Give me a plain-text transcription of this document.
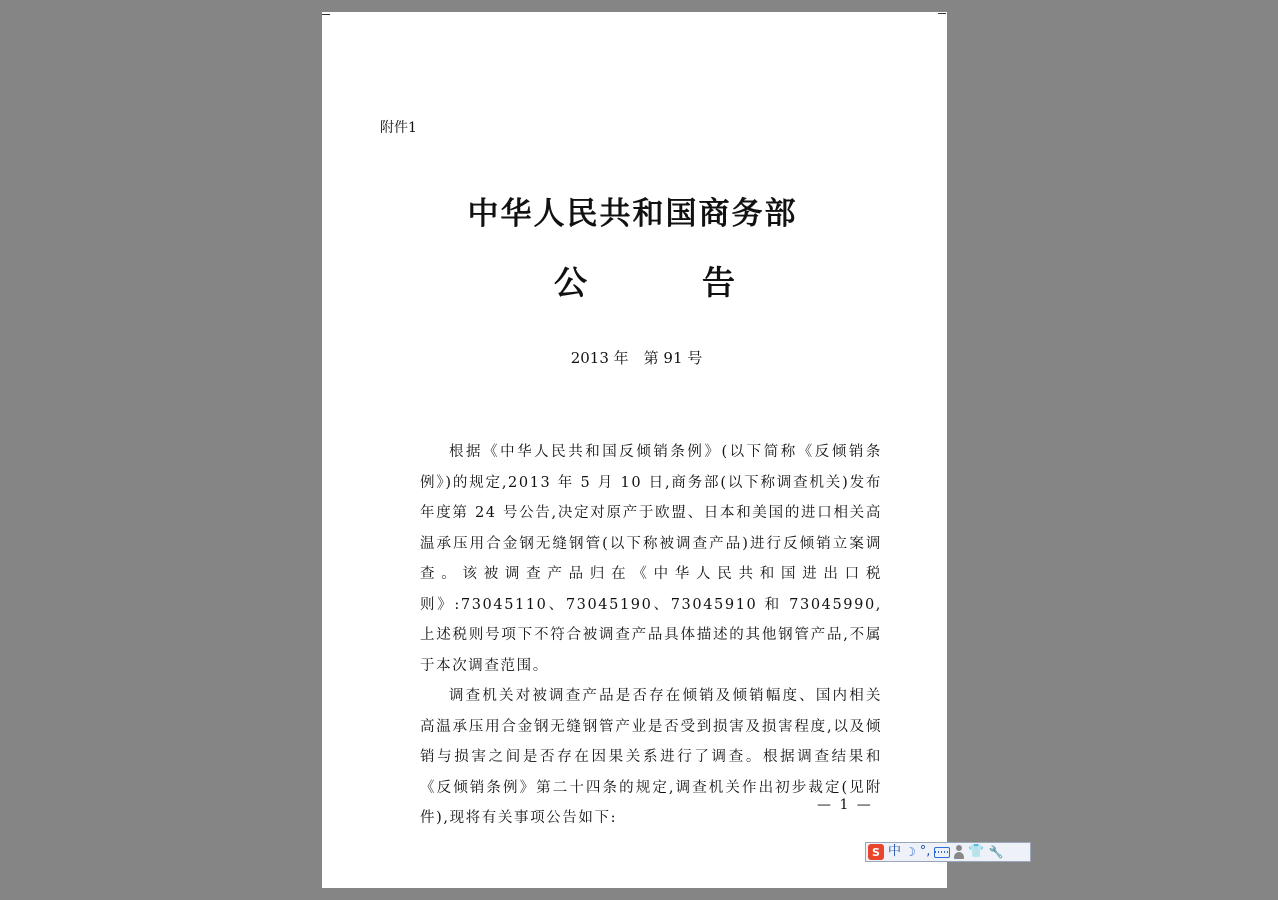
附件1
中华人民共和国商务部
公	告
2013 年　第 91 号

根据《中华人民共和国反倾销条例》(以下简称《反倾销条例》)的规定,2013 年 5 月 10 日,商务部(以下称调查机关)发布年度第 24 号公告,决定对原产于欧盟、日本和美国的进口相关高温承压用合金钢无缝钢管(以下称被调查产品)进行反倾销立案调查。该被调查产品归在《中华人民共和国进出口税则》:73045110、73045190、73045910 和 73045990,上述税则号项下不符合被调查产品具体描述的其他钢管产品,不属于本次调查范围。

调查机关对被调查产品是否存在倾销及倾销幅度、国内相关高温承压用合金钢无缝钢管产业是否受到损害及损害程度,以及倾销与损害之间是否存在因果关系进行了调查。根据调查结果和《反倾销条例》第二十四条的规定,调查机关作出初步裁定(见附件),现将有关事项公告如下:

— 1 —
S 中 ☽ °,	👕 🔧
